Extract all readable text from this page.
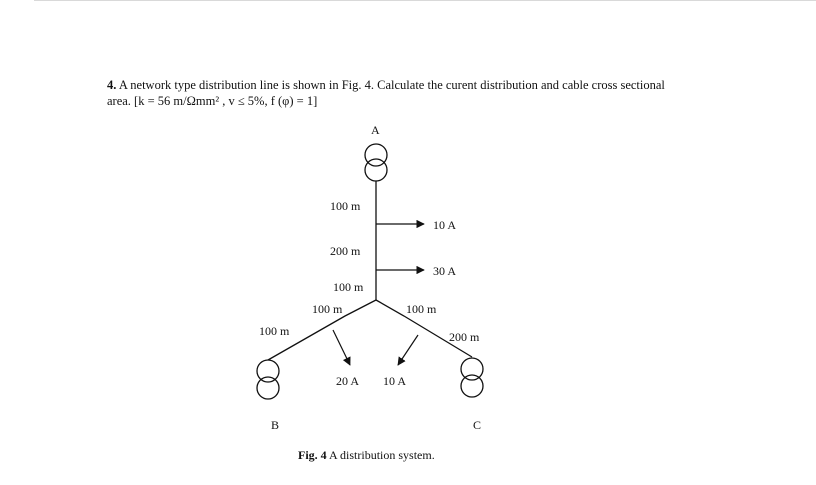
4. A network type distribution line is shown in Fig. 4. Calculate the curent distribution and cable cross sectional area. [k = 56 m/Ωmm² , v ≤ 5%, f (φ) = 1]
A
B	C
100 m
200 m
100 m
100 m	100 m
100 m	200 m
10 A
30 A
20 A 10 A
Fig. 4 A distribution system.
